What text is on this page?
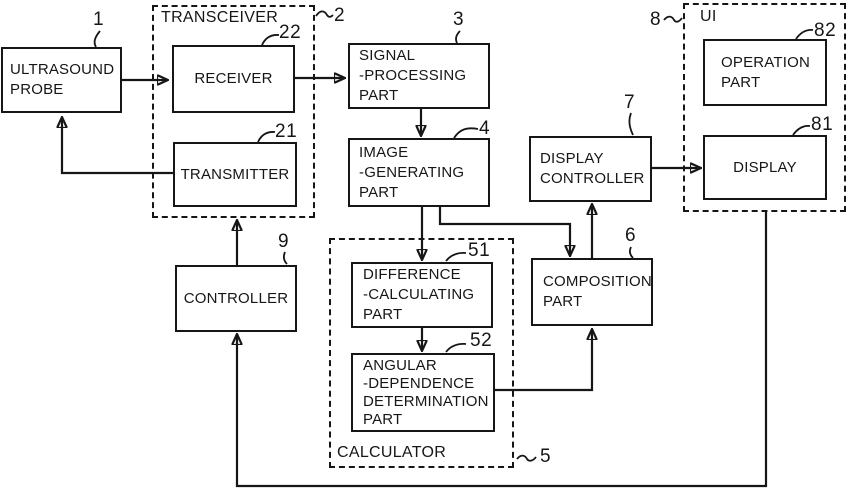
TRANSCEIVER	UI
CALCULATOR
ULTRASOUND
PROBE
RECEIVER
TRANSMITTER
SIGNAL
-PROCESSING
PART
IMAGE
-GENERATING
PART
DISPLAY
CONTROLLER
OPERATION
PART
DISPLAY
CONTROLLER
DIFFERENCE
-CALCULATING
PART
ANGULAR
-DEPENDENCE
DETERMINATION
PART
COMPOSITION
PART
1	2
22
21
3
4
7
8
82
81
9	51
52
6
5
